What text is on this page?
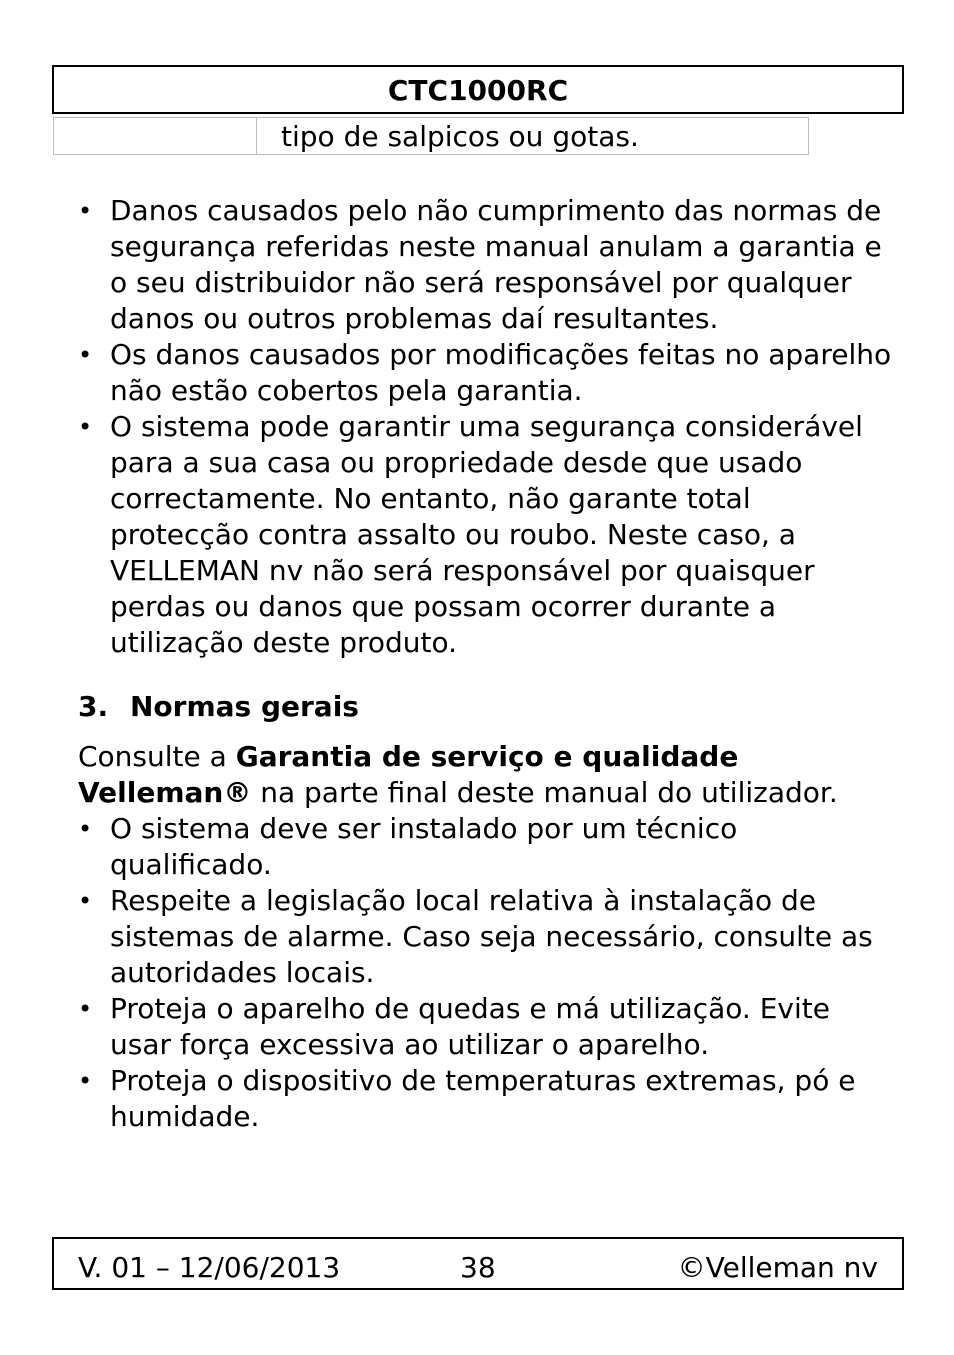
CTC1000RC
tipo de salpicos ou gotas.
• Danos causados pelo não cumprimento das normas de segurança referidas neste manual anulam a garantia e o seu distribuidor não será responsável por qualquer danos ou outros problemas daí resultantes.
• Os danos causados por modificações feitas no aparelho não estão cobertos pela garantia.
• O sistema pode garantir uma segurança considerável para a sua casa ou propriedade desde que usado correctamente. No entanto, não garante total protecção contra assalto ou roubo. Neste caso, a VELLEMAN nv não será responsável por quaisquer perdas ou danos que possam ocorrer durante a utilização deste produto.
3. Normas gerais
Consulte a Garantia de serviço e qualidade Velleman® na parte final deste manual do utilizador.
• O sistema deve ser instalado por um técnico qualificado.
• Respeite a legislação local relativa à instalação de sistemas de alarme. Caso seja necessário, consulte as autoridades locais.
• Proteja o aparelho de quedas e má utilização. Evite usar força excessiva ao utilizar o aparelho.
• Proteja o dispositivo de temperaturas extremas, pó e humidade.
V. 01 – 12/06/2013	38	©Velleman nv
